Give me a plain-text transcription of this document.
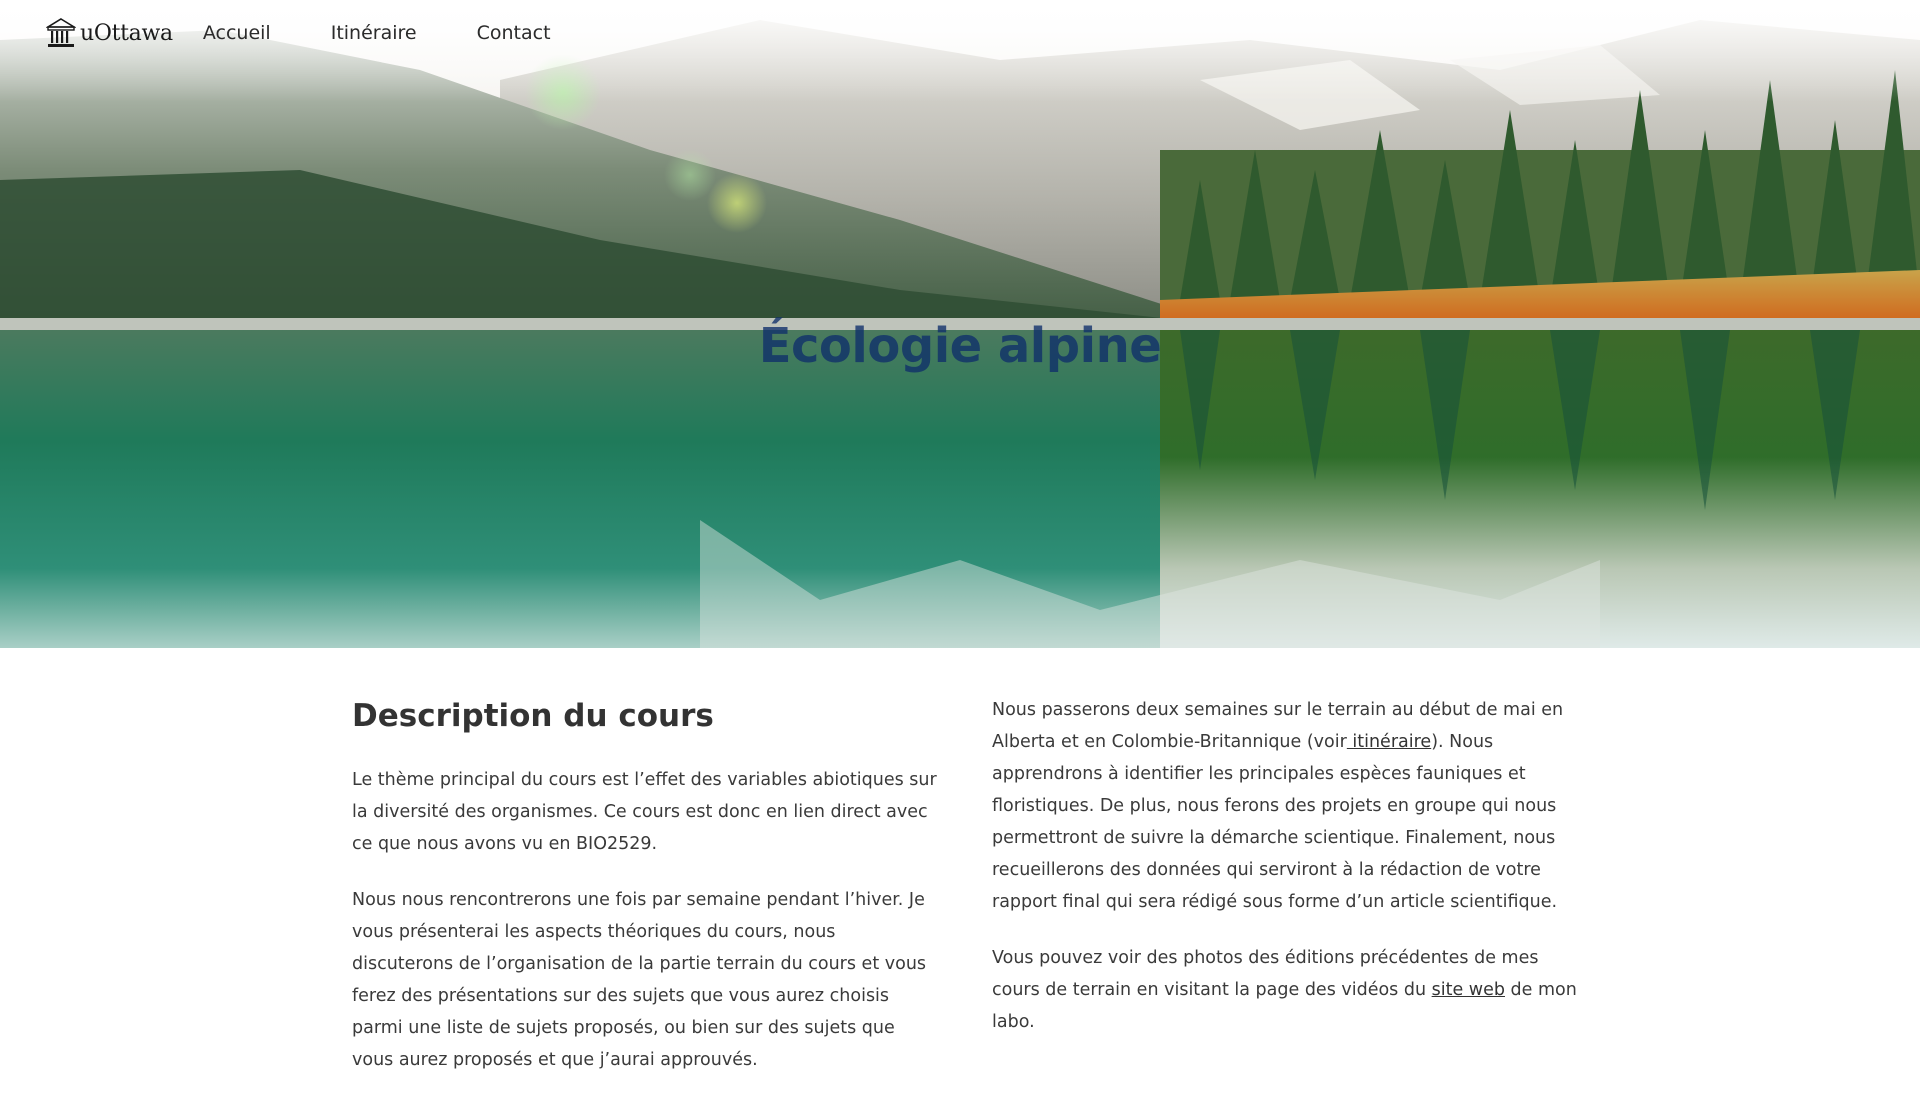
Écologie alpine
uOttawa Accueil	Itinéraire	Contact
Description du cours

Le thème principal du cours est l’effet des variables abiotiques sur la diversité des organismes. Ce cours est donc en lien direct avec ce que nous avons vu en BIO2529.

Nous nous rencontrerons une fois par semaine pendant l’hiver. Je vous présenterai les aspects théoriques du cours, nous discuterons de l’organisation de la partie terrain du cours et vous ferez des présentations sur des sujets que vous aurez choisis parmi une liste de sujets proposés, ou bien sur des sujets que vous aurez proposés et que j’aurai approuvés.

Nous passerons deux semaines sur le terrain au début de mai en Alberta et en Colombie-Britannique (voir itinéraire). Nous apprendrons à identifier les principales espèces fauniques et floristiques. De plus, nous ferons des projets en groupe qui nous permettront de suivre la démarche scientique. Finalement, nous recueillerons des données qui serviront à la rédaction de votre rapport final qui sera rédigé sous forme d’un article scientifique.

Vous pouvez voir des photos des éditions précédentes de mes cours de terrain en visitant la page des vidéos du site web de mon labo.
